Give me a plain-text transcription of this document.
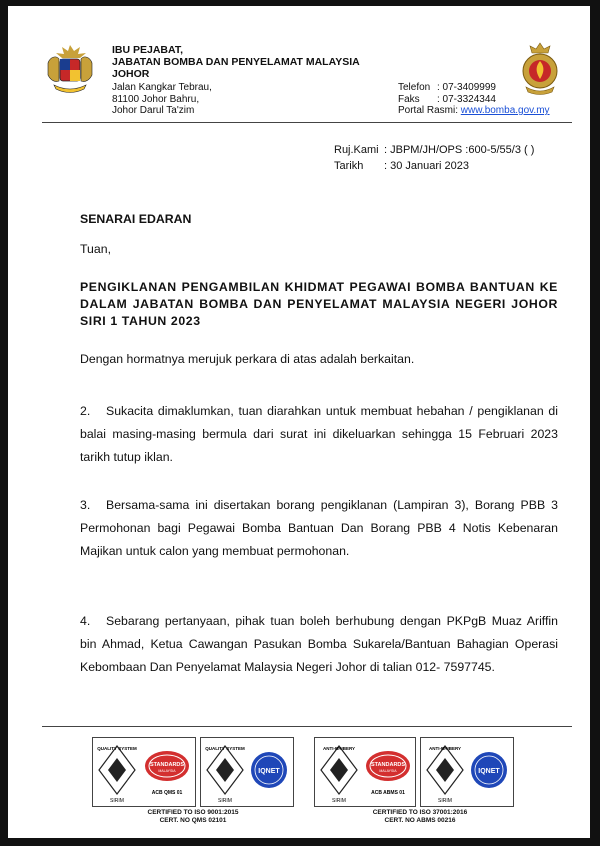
IBU PEJABAT,
JABATAN BOMBA DAN PENYELAMAT MALAYSIA
JOHOR
Jalan Kangkar Tebrau,
81100 Johor Bahru,
Johor Darul Ta'zim
Telefon : 07-3409999
Faks	: 07-3324344
Portal Rasmi:
www.bomba.gov.my
Ruj.Kami : JBPM/JH/OPS :600-5/55/3 ( )
Tarikh	: 30 Januari 2023
SENARAI EDARAN
Tuan,
PENGIKLANAN PENGAMBILAN KHIDMAT PEGAWAI BOMBA BANTUAN KE DALAM JABATAN BOMBA DAN PENYELAMAT MALAYSIA NEGERI JOHOR SIRI 1 TAHUN 2023
Dengan hormatnya merujuk perkara di atas adalah berkaitan.
2. Sukacita dimaklumkan, tuan diarahkan untuk membuat hebahan / pengiklanan di balai masing-masing bermula dari surat ini dikeluarkan sehingga 15 Februari 2023 tarikh tutup iklan.
3. Bersama-sama ini disertakan borang pengiklanan (Lampiran 3), Borang PBB 3 Permohonan bagi Pegawai Bomba Bantuan Dan Borang PBB 4 Notis Kebenaran Majikan untuk calon yang membuat permohonan.
4. Sebarang pertanyaan, pihak tuan boleh berhubung dengan PKPgB Muaz Ariffin bin Ahmad, Ketua Cawangan Pasukan Bomba Sukarela/Bantuan Bahagian Operasi Kebombaan Dan Penyelamat Malaysia Negeri Johor di talian 012- 7597745.
QUALITY SYSTEM
SIRIM
STANDARDS
MALAYSIA
ACB QMS 01
QUALITY SYSTEM
SIRIM
IQNET
ANTI-BRIBERY
SIRIM
STANDARDS
MALAYSIA
ACB ABMS 01
ANTI-BRIBERY
SIRIM
IQNET
CERTIFIED TO ISO 9001:2015
CERT. NO QMS 02101
CERTIFIED TO ISO 37001:2016
CERT. NO ABMS 00216
